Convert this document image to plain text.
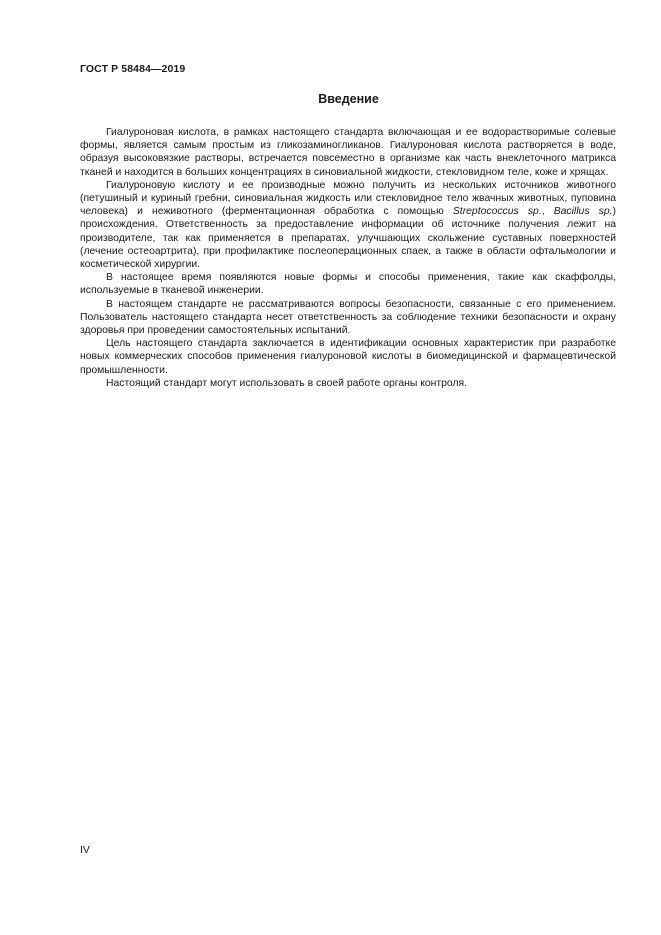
ГОСТ Р 58484—2019
Введение

Гиалуроновая кислота, в рамках настоящего стандарта включающая и ее водорастворимые солевые формы, является самым простым из гликозаминогликанов. Гиалуроновая кислота растворяется в воде, образуя высоковязкие растворы, встречается повсеместно в организме как часть внеклеточного матрикса тканей и находится в больших концентрациях в синовиальной жидкости, стекловидном теле, коже и хрящах.

Гиалуроновую кислоту и ее производные можно получить из нескольких источников животного (петушиный и куриный гребни, синовиальная жидкость или стекловидное тело жвачных животных, пуповина человека) и неживотного (ферментационная обработка с помощью Streptococcus sp., Bacillus sp.) происхождения. Ответственность за предоставление информации об источнике получения лежит на производителе, так как применяется в препаратах, улучшающих скольжение суставных поверхностей (лечение остеоартрита), при профилактике послеоперационных спаек, а также в области офтальмологии и косметической хирургии.

В настоящее время появляются новые формы и способы применения, такие как скаффолды, используемые в тканевой инженерии.

В настоящем стандарте не рассматриваются вопросы безопасности, связанные с его применением. Пользователь настоящего стандарта несет ответственность за соблюдение техники безопасности и охрану здоровья при проведении самостоятельных испытаний.

Цель настоящего стандарта заключается в идентификации основных характеристик при разработке новых коммерческих способов применения гиалуроновой кислоты в биомедицинской и фармацевтической промышленности.

Настоящий стандарт могут использовать в своей работе органы контроля.

IV
